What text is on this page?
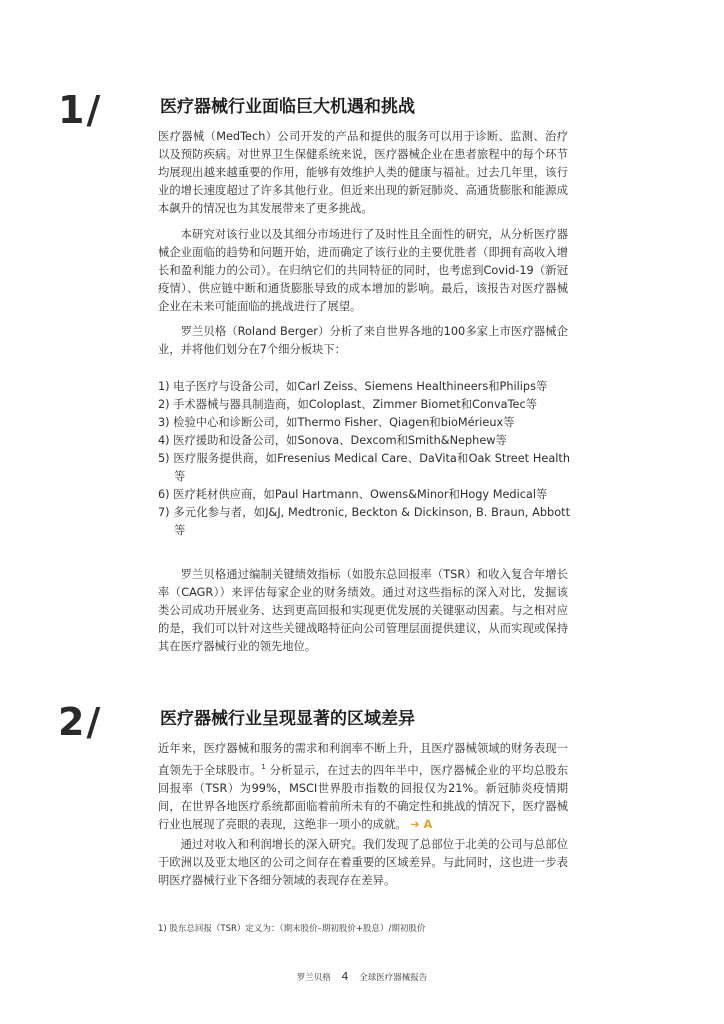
1/	医疗器械行业面临巨大机遇和挑战

医疗器械（MedTech）公司开发的产品和提供的服务可以用于诊断、监测、治疗以及预防疾病。对世界卫生保健系统来说，医疗器械企业在患者旅程中的每个环节均展现出越来越重要的作用，能够有效维护人类的健康与福祉。过去几年里，该行业的增长速度超过了许多其他行业。但近来出现的新冠肺炎、高通货膨胀和能源成本飙升的情况也为其发展带来了更多挑战。

本研究对该行业以及其细分市场进行了及时性且全面性的研究，从分析医疗器械企业面临的趋势和问题开始，进而确定了该行业的主要优胜者（即拥有高收入增长和盈利能力的公司）。在归纳它们的共同特征的同时，也考虑到Covid-19（新冠疫情）、供应链中断和通货膨胀导致的成本增加的影响。最后，该报告对医疗器械企业在未来可能面临的挑战进行了展望。

罗兰贝格（Roland Berger）分析了来自世界各地的100多家上市医疗器械企业，并将他们划分在7个细分板块下：

1) 电子医疗与设备公司，如Carl Zeiss、Siemens Healthineers和Philips等
2) 手术器械与器具制造商，如Coloplast、Zimmer Biomet和ConvaTec等
3) 检验中心和诊断公司，如Thermo Fisher、Qiagen和bioMérieux等
4) 医疗援助和设备公司，如Sonova、Dexcom和Smith&Nephew等
5) 医疗服务提供商，如Fresenius Medical Care、DaVita和Oak Street Health等
6) 医疗耗材供应商，如Paul Hartmann、Owens&Minor和Hogy Medical等
7) 多元化参与者，如J&J, Medtronic, Beckton & Dickinson, B. Braun, Abbott等

罗兰贝格通过编制关键绩效指标（如股东总回报率（TSR）和收入复合年增长率（CAGR））来评估每家企业的财务绩效。通过对这些指标的深入对比，发掘该类公司成功开展业务、达到更高回报和实现更优发展的关键驱动因素。与之相对应的是，我们可以针对这些关键战略特征向公司管理层面提供建议，从而实现或保持其在医疗器械行业的领先地位。

2/	医疗器械行业呈现显著的区域差异

近年来，医疗器械和服务的需求和利润率不断上升，且医疗器械领域的财务表现一直领先于全球股市。$^1$ 分析显示，在过去的四年半中，医疗器械企业的平均总股东回报率（TSR）为99%，MSCI世界股市指数的回报仅为21%。新冠肺炎疫情期间，在世界各地医疗系统都面临着前所未有的不确定性和挑战的情况下，医疗器械行业也展现了亮眼的表现，这绝非一项小的成就。 ➔ A

通过对收入和利润增长的深入研究。我们发现了总部位于北美的公司与总部位于欧洲以及亚太地区的公司之间存在着重要的区域差异。与此同时，这也进一步表明医疗器械行业下各细分领域的表现存在差异。

1) 股东总回报（TSR）定义为：（期末股价–期初股价+股息）/期初股价
罗兰贝格 4 全球医疗器械报告
